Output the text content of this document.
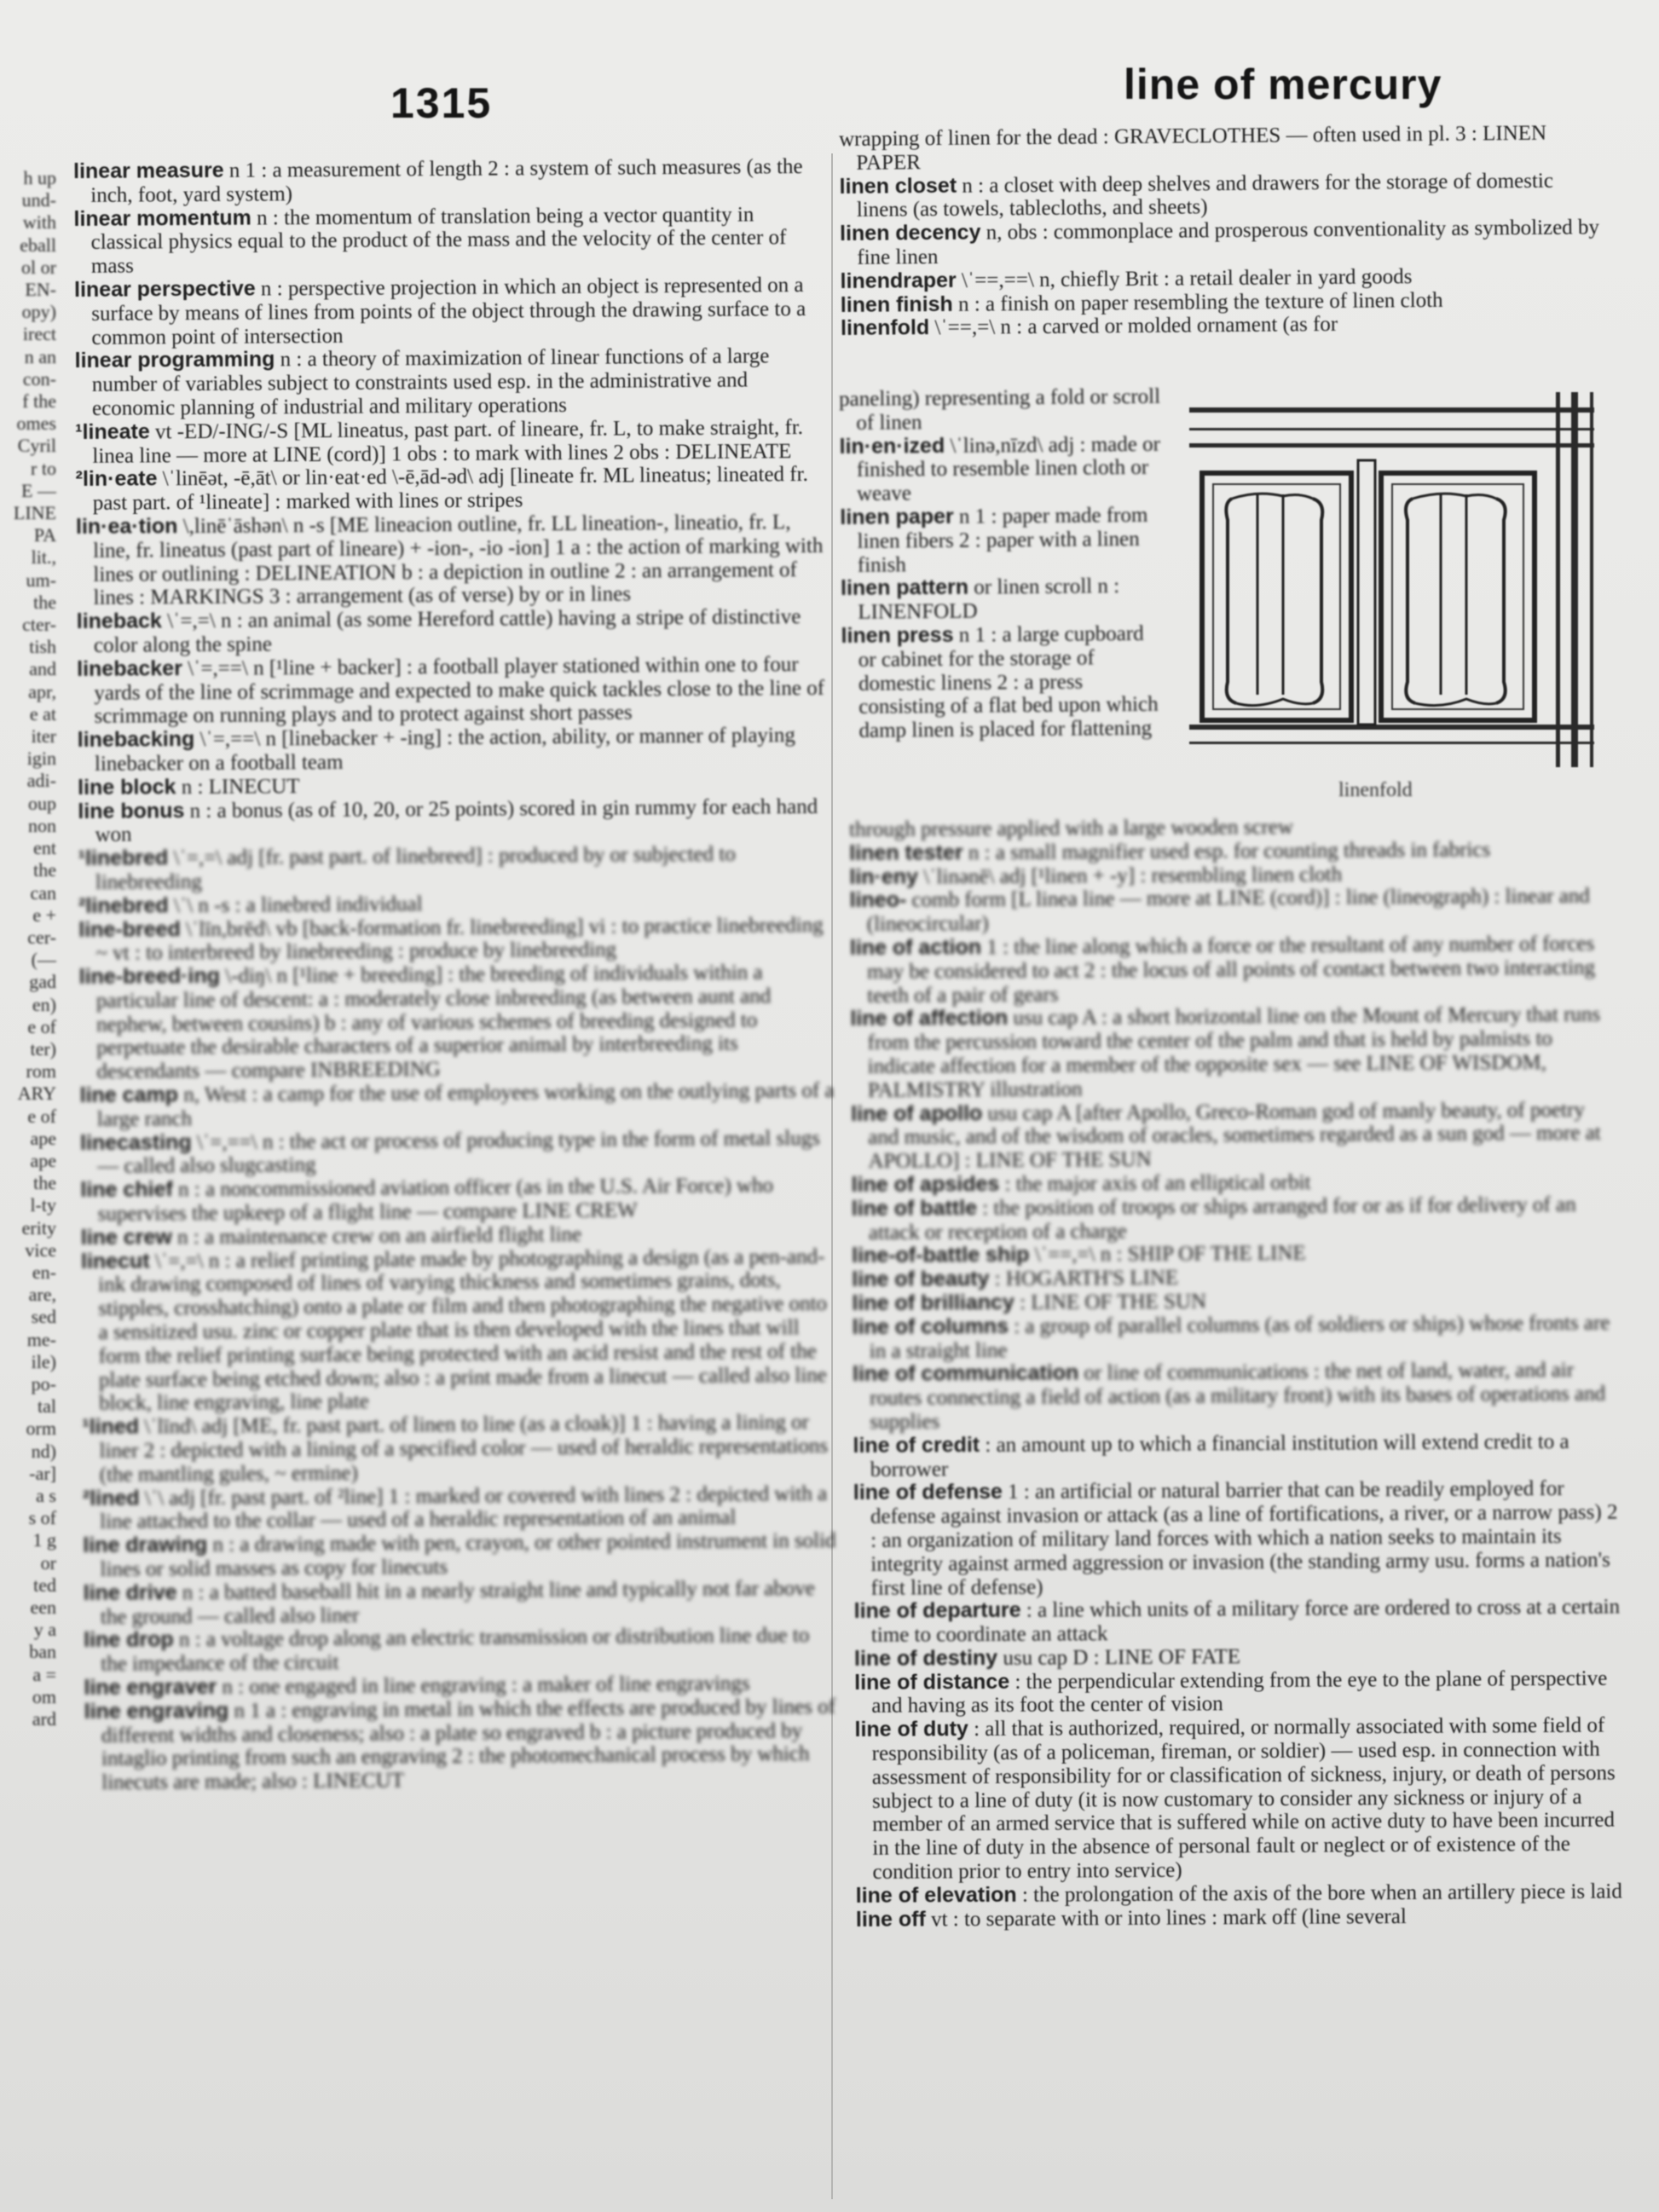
1315	line of mercury
h up
und-
with
eball
ol or
EN-
opy)
irect
n an
con-
f the
omes
Cyril
r to
E —
LINE
PA
lit.,
um-
the
cter-
tish
and
apr,
e at
iter
igin
adi-
oup
non
ent
the
can
e +
cer-
(—
gad
en)
e of
ter)
rom
ARY
e of
ape
ape
the
l-ty
erity
vice
en-
are,
sed
me-
ile)
po-
tal
orm
nd)
-ar]
a s
s of
1 g
or
ted
een
y a
ban
a =
om
ard
linear measure n 1 : a measurement of length 2 : a system of such measures (as the inch, foot, yard system)
linear momentum n : the momentum of translation being a vector quantity in classical physics equal to the product of the mass and the velocity of the center of mass
linear perspective n : perspective projection in which an object is represented on a surface by means of lines from points of the object through the drawing surface to a common point of intersection
linear programming n : a theory of maximization of linear functions of a large number of variables subject to constraints used esp. in the administrative and economic planning of industrial and military operations
¹lineate vt -ED/-ING/-S [ML lineatus, past part. of lineare, fr. L, to make straight, fr. linea line — more at LINE (cord)] 1 obs : to mark with lines 2 obs : DELINEATE
²lin·eate \ˈlinēət, -ē,āt\ or lin·eat·ed \-ē,ād-əd\ adj [lineate fr. ML lineatus; lineated fr. past part. of ¹lineate] : marked with lines or stripes
lin·ea·tion \,linēˈāshən\ n -s [ME lineacion outline, fr. LL lineation-, lineatio, fr. L, line, fr. lineatus (past part of lineare) + -ion-, -io -ion] 1 a : the action of marking with lines or outlining : DELINEATION b : a depiction in outline 2 : an arrangement of lines : MARKINGS 3 : arrangement (as of verse) by or in lines
lineback \ˈ=,=\ n : an animal (as some Hereford cattle) having a stripe of distinctive color along the spine
linebacker \ˈ=,==\ n [¹line + backer] : a football player stationed within one to four yards of the line of scrimmage and expected to make quick tackles close to the line of scrimmage on running plays and to protect against short passes
linebacking \ˈ=,==\ n [linebacker + -ing] : the action, ability, or manner of playing linebacker on a football team
line block n : LINECUT
line bonus n : a bonus (as of 10, 20, or 25 points) scored in gin rummy for each hand won
¹linebred \ˈ=,=\ adj [fr. past part. of linebreed] : produced by or subjected to linebreeding
²linebred \ˈ\ n -s : a linebred individual
line-breed \ˈlīn,brēd\ vb [back-formation fr. linebreeding] vi : to practice linebreeding ~ vt : to interbreed by linebreeding : produce by linebreeding
line-breed·ing \-diŋ\ n [¹line + breeding] : the breeding of individuals within a particular line of descent: a : moderately close inbreeding (as between aunt and nephew, between cousins) b : any of various schemes of breeding designed to perpetuate the desirable characters of a superior animal by interbreeding its descendants — compare INBREEDING
line camp n, West : a camp for the use of employees working on the outlying parts of a large ranch
linecasting \ˈ=,==\ n : the act or process of producing type in the form of metal slugs — called also slugcasting
line chief n : a noncommissioned aviation officer (as in the U.S. Air Force) who supervises the upkeep of a flight line — compare LINE CREW
line crew n : a maintenance crew on an airfield flight line
linecut \ˈ=,=\ n : a relief printing plate made by photographing a design (as a pen-and-ink drawing composed of lines of varying thickness and sometimes grains, dots, stipples, crosshatching) onto a plate or film and then photographing the negative onto a sensitized usu. zinc or copper plate that is then developed with the lines that will form the relief printing surface being protected with an acid resist and the rest of the plate surface being etched down; also : a print made from a linecut — called also line block, line engraving, line plate
¹lined \ˈlīnd\ adj [ME, fr. past part. of linen to line (as a cloak)] 1 : having a lining or liner 2 : depicted with a lining of a specified color — used of heraldic representations (the mantling gules, ~ ermine)
²lined \ˈ\ adj [fr. past part. of ²line] 1 : marked or covered with lines 2 : depicted with a line attached to the collar — used of a heraldic representation of an animal
line drawing n : a drawing made with pen, crayon, or other pointed instrument in solid lines or solid masses as copy for linecuts
line drive n : a batted baseball hit in a nearly straight line and typically not far above the ground — called also liner
line drop n : a voltage drop along an electric transmission or distribution line due to the impedance of the circuit
line engraver n : one engaged in line engraving : a maker of line engravings
line engraving n 1 a : engraving in metal in which the effects are produced by lines of different widths and closeness; also : a plate so engraved b : a picture produced by intaglio printing from such an engraving 2 : the photomechanical process by which linecuts are made; also : LINECUT
wrapping of linen for the dead : GRAVECLOTHES — often used in pl. 3 : LINEN PAPER
linen closet n : a closet with deep shelves and drawers for the storage of domestic linens (as towels, tablecloths, and sheets)
linen decency n, obs : commonplace and prosperous conventionality as symbolized by fine linen
linendraper \ˈ==,==\ n, chiefly Brit : a retail dealer in yard goods
linen finish n : a finish on paper resembling the texture of linen cloth
linenfold \ˈ==,=\ n : a carved or molded ornament (as for
paneling) representing a fold or scroll of linen
lin·en·ized \ˈlinə,nīzd\ adj : made or finished to resemble linen cloth or weave
linen paper n 1 : paper made from linen fibers 2 : paper with a linen finish
linen pattern or linen scroll n : LINENFOLD
linen press n 1 : a large cupboard or cabinet for the storage of domestic linens 2 : a press consisting of a flat bed upon which damp linen is placed for flattening
through pressure applied with a large wooden screw
linen tester n : a small magnifier used esp. for counting threads in fabrics
lin·eny \ˈlinənē\ adj [¹linen + -y] : resembling linen cloth
lineo- comb form [L linea line — more at LINE (cord)] : line (lineograph) : linear and (lineocircular)
line of action 1 : the line along which a force or the resultant of any number of forces may be considered to act 2 : the locus of all points of contact between two interacting teeth of a pair of gears
line of affection usu cap A : a short horizontal line on the Mount of Mercury that runs from the percussion toward the center of the palm and that is held by palmists to indicate affection for a member of the opposite sex — see LINE OF WISDOM, PALMISTRY illustration
line of apollo usu cap A [after Apollo, Greco-Roman god of manly beauty, of poetry and music, and of the wisdom of oracles, sometimes regarded as a sun god — more at APOLLO] : LINE OF THE SUN
line of apsides : the major axis of an elliptical orbit
line of battle : the position of troops or ships arranged for or as if for delivery of an attack or reception of a charge
line-of-battle ship \ˈ==,=\ n : SHIP OF THE LINE
line of beauty : HOGARTH'S LINE
line of brilliancy : LINE OF THE SUN
line of columns : a group of parallel columns (as of soldiers or ships) whose fronts are in a straight line
line of communication or line of communications : the net of land, water, and air routes connecting a field of action (as a military front) with its bases of operations and supplies
line of credit : an amount up to which a financial institution will extend credit to a borrower
line of defense 1 : an artificial or natural barrier that can be readily employed for defense against invasion or attack (as a line of fortifications, a river, or a narrow pass) 2 : an organization of military land forces with which a nation seeks to maintain its integrity against armed aggression or invasion (the standing army usu. forms a nation's first line of defense)
line of departure : a line which units of a military force are ordered to cross at a certain time to coordinate an attack
line of destiny usu cap D : LINE OF FATE
line of distance : the perpendicular extending from the eye to the plane of perspective and having as its foot the center of vision
line of duty : all that is authorized, required, or normally associated with some field of responsibility (as of a policeman, fireman, or soldier) — used esp. in connection with assessment of responsibility for or classification of sickness, injury, or death of persons subject to a line of duty (it is now customary to consider any sickness or injury of a member of an armed service that is suffered while on active duty to have been incurred in the line of duty in the absence of personal fault or neglect or of existence of the condition prior to entry into service)
line of elevation : the prolongation of the axis of the bore when an artillery piece is laid
line off vt : to separate with or into lines : mark off (line several
linenfold
